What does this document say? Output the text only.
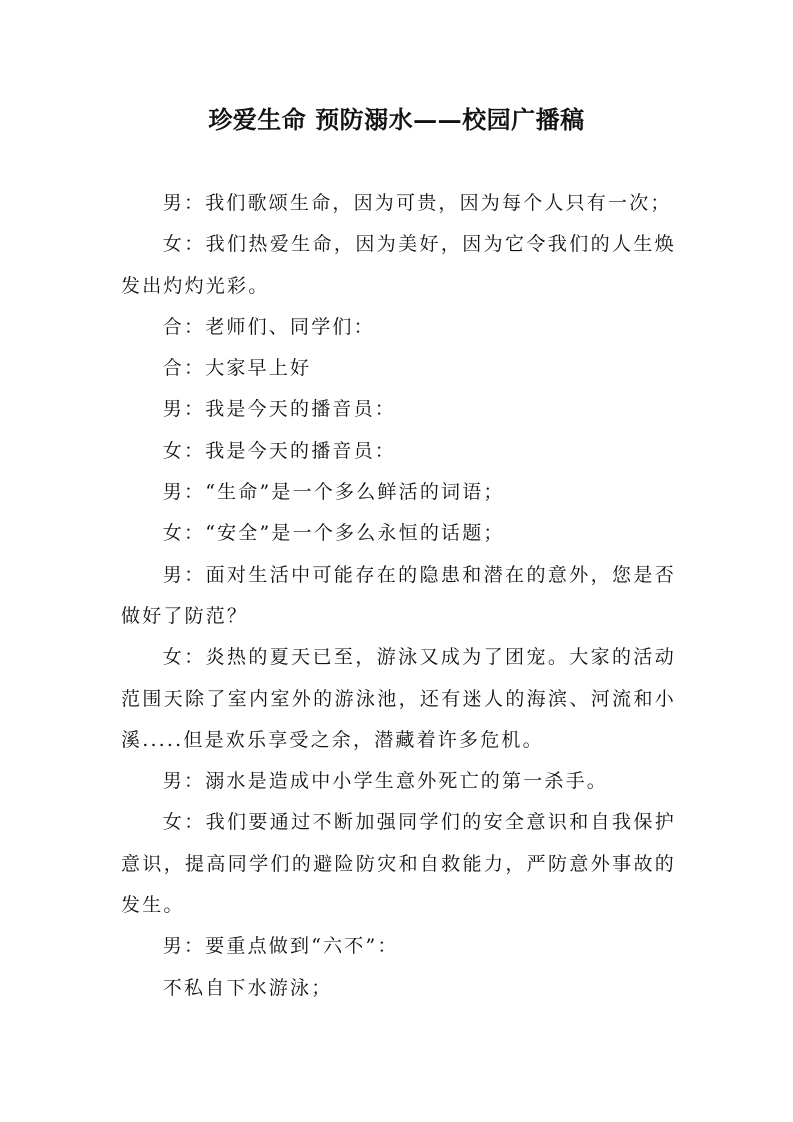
珍爱生命 预防溺水——校园广播稿

男：我们歌颂生命，因为可贵，因为每个人只有一次；

女：我们热爱生命，因为美好，因为它令我们的人生焕发出灼灼光彩。

合：老师们、同学们：

合：大家早上好

男：我是今天的播音员：

女：我是今天的播音员：

男：“生命”是一个多么鲜活的词语；

女：“安全”是一个多么永恒的话题；

男：面对生活中可能存在的隐患和潜在的意外，您是否做好了防范？

女：炎热的夏天已至，游泳又成为了团宠。大家的活动范围天除了室内室外的游泳池，还有迷人的海滨、河流和小溪.....但是欢乐享受之余，潜藏着许多危机。

男：溺水是造成中小学生意外死亡的第一杀手。

女：我们要通过不断加强同学们的安全意识和自我保护意识，提高同学们的避险防灾和自救能力，严防意外事故的发生。

男：要重点做到“六不”：

不私自下水游泳；
